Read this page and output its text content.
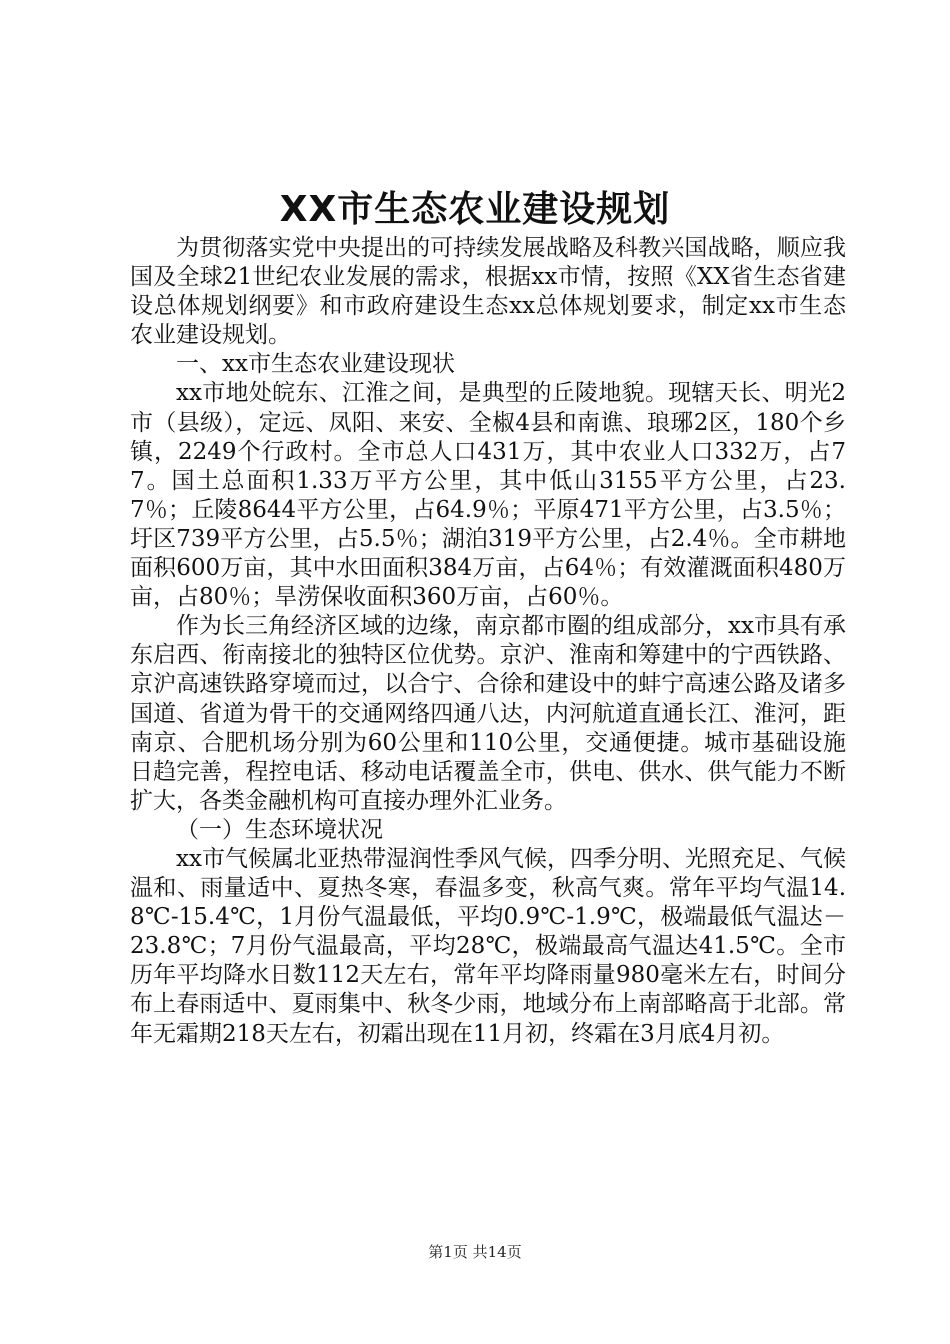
XX市生态农业建设规划

为贯彻落实党中央提出的可持续发展战略及科教兴国战略，顺应我国及全球21世纪农业发展的需求，根据xx市情，按照《XX省生态省建设总体规划纲要》和市政府建设生态xx总体规划要求，制定xx市生态农业建设规划。

一、xx市生态农业建设现状

xx市地处皖东、江淮之间，是典型的丘陵地貌。现辖天长、明光2市（县级），定远、凤阳、来安、全椒4县和南谯、琅琊2区，180个乡镇，2249个行政村。全市总人口431万，其中农业人口332万，占77。国土总面积1.33万平方公里，其中低山3155平方公里，占23.7％；丘陵8644平方公里，占64.9％；平原471平方公里，占3.5％；圩区739平方公里，占5.5％；湖泊319平方公里，占2.4％。全市耕地面积600万亩，其中水田面积384万亩，占64％；有效灌溉面积480万亩，占80％；旱涝保收面积360万亩，占60％。

作为长三角经济区域的边缘，南京都市圈的组成部分，xx市具有承东启西、衔南接北的独特区位优势。京沪、淮南和筹建中的宁西铁路、京沪高速铁路穿境而过，以合宁、合徐和建设中的蚌宁高速公路及诸多国道、省道为骨干的交通网络四通八达，内河航道直通长江、淮河，距南京、合肥机场分别为60公里和110公里，交通便捷。城市基础设施日趋完善，程控电话、移动电话覆盖全市，供电、供水、供气能力不断扩大，各类金融机构可直接办理外汇业务。

（一）生态环境状况

xx市气候属北亚热带湿润性季风气候，四季分明、光照充足、气候温和、雨量适中、夏热冬寒，春温多变，秋高气爽。常年平均气温14.8℃-15.4℃，1月份气温最低，平均0.9℃-1.9℃，极端最低气温达－23.8℃；7月份气温最高，平均28℃，极端最高气温达41.5℃。全市历年平均降水日数112天左右，常年平均降雨量980毫米左右，时间分布上春雨适中、夏雨集中、秋冬少雨，地域分布上南部略高于北部。常年无霜期218天左右，初霜出现在11月初，终霜在3月底4月初。

第1页 共14页
